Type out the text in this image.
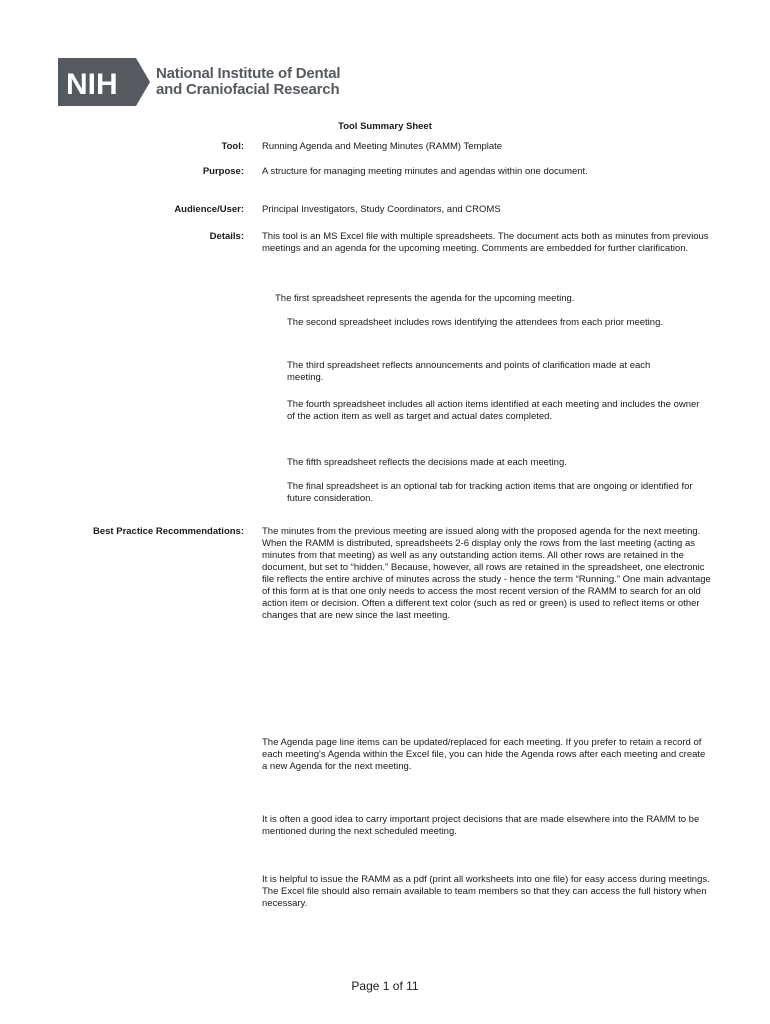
NIH	National Institute of Dental
and Craniofacial Research
Tool Summary Sheet
Tool: Running Agenda and Meeting Minutes (RAMM) Template
Purpose: A structure for managing meeting minutes and agendas within one document.
Audience/User: Principal Investigators, Study Coordinators, and CROMS
Details: This tool is an MS Excel file with multiple spreadsheets. The document acts both as minutes from previous meetings and an agenda for the upcoming meeting. Comments are embedded for further clarification.
The first spreadsheet represents the agenda for the upcoming meeting.
The second spreadsheet includes rows identifying the attendees from each prior meeting.
The third spreadsheet reflects announcements and points of clarification made at each meeting.
The fourth spreadsheet includes all action items identified at each meeting and includes the owner of the action item as well as target and actual dates completed.
The fifth spreadsheet reflects the decisions made at each meeting.
The final spreadsheet is an optional tab for tracking action items that are ongoing or identified for future consideration.
Best Practice Recommendations: The minutes from the previous meeting are issued along with the proposed agenda for the next meeting. When the RAMM is distributed, spreadsheets 2-6 display only the rows from the last meeting (acting as minutes from that meeting) as well as any outstanding action items. All other rows are retained in the document, but set to “hidden.” Because, however, all rows are retained in the spreadsheet, one electronic file reflects the entire archive of minutes across the study - hence the term “Running.” One main advantage of this form at is that one only needs to access the most recent version of the RAMM to search for an old action item or decision. Often a different text color (such as red or green) is used to reflect items or other changes that are new since the last meeting.
The Agenda page line items can be updated/replaced for each meeting. If you prefer to retain a record of each meeting's Agenda within the Excel file, you can hide the Agenda rows after each meeting and create a new Agenda for the next meeting.
It is often a good idea to carry important project decisions that are made elsewhere into the RAMM to be mentioned during the next scheduled meeting.
It is helpful to issue the RAMM as a pdf (print all worksheets into one file) for easy access during meetings. The Excel file should also remain available to team members so that they can access the full history when necessary.
Page 1 of 11
